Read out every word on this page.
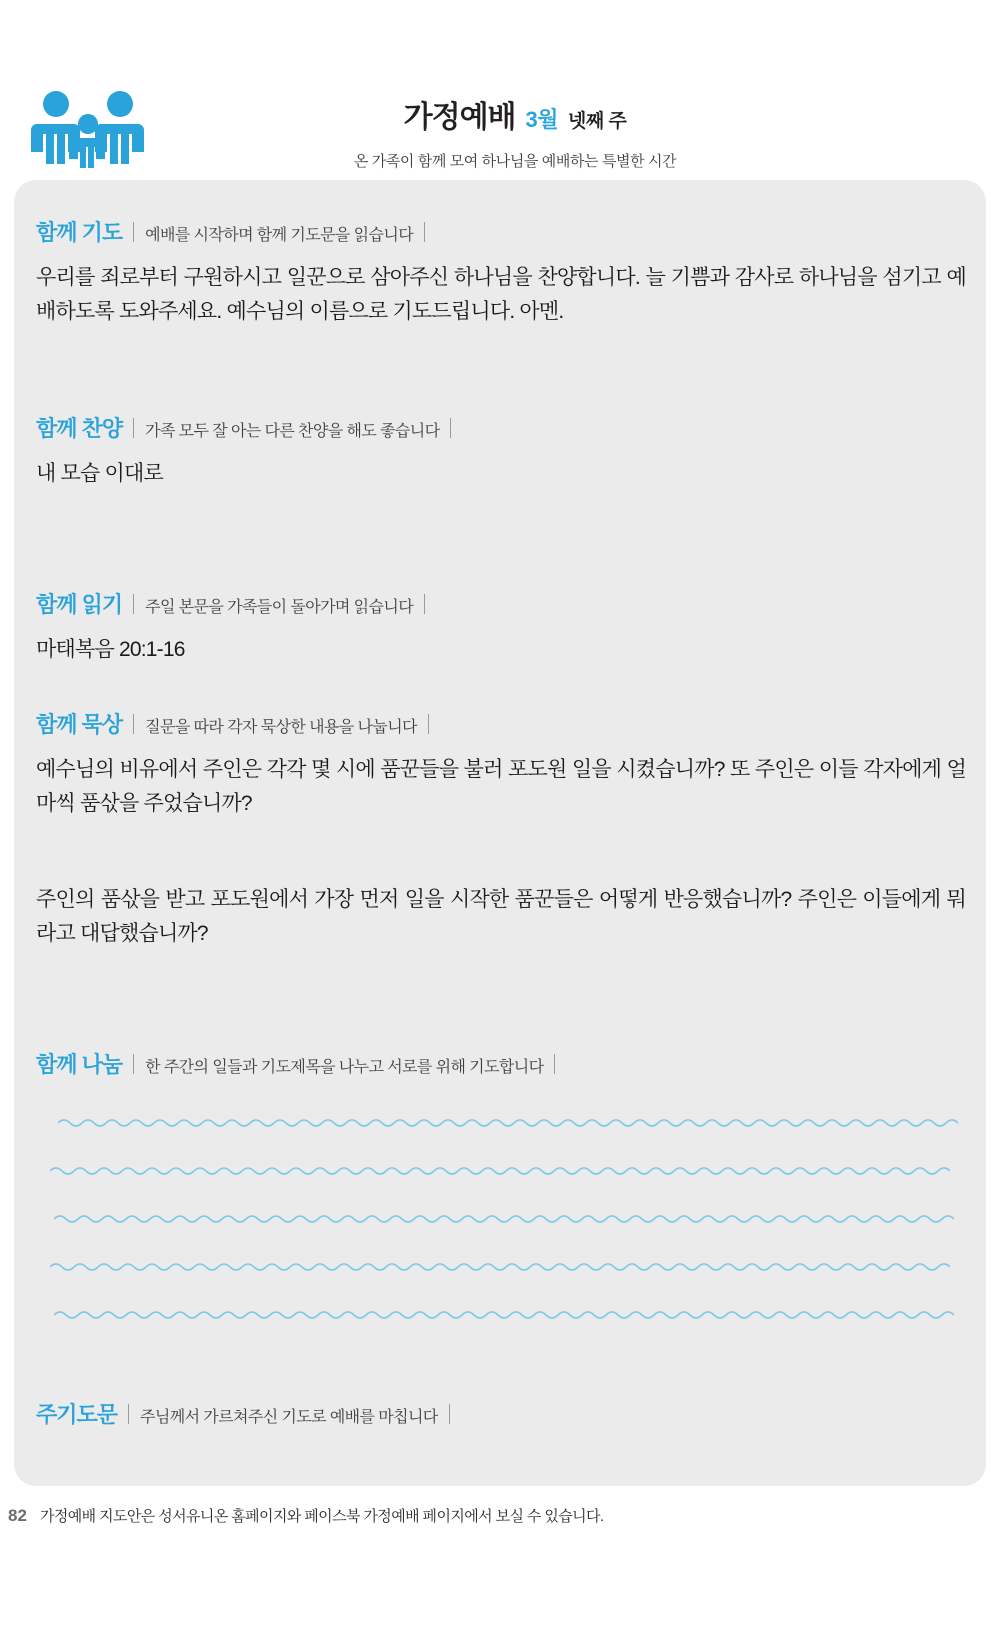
가정예배 3월 넷째 주
온 가족이 함께 모여 하나님을 예배하는 특별한 시간
함께 기도 예배를 시작하며 함께 기도문을 읽습니다
우리를 죄로부터 구원하시고 일꾼으로 삼아주신 하나님을 찬양합니다. 늘 기쁨과 감사로 하나님을 섬기고 예배하도록 도와주세요. 예수님의 이름으로 기도드립니다. 아멘.
함께 찬양 가족 모두 잘 아는 다른 찬양을 해도 좋습니다
내 모습 이대로
함께 읽기 주일 본문을 가족들이 돌아가며 읽습니다
마태복음 20:1-16
함께 묵상 질문을 따라 각자 묵상한 내용을 나눕니다
예수님의 비유에서 주인은 각각 몇 시에 품꾼들을 불러 포도원 일을 시켰습니까? 또 주인은 이들 각자에게 얼마씩 품삯을 주었습니까?
주인의 품삯을 받고 포도원에서 가장 먼저 일을 시작한 품꾼들은 어떻게 반응했습니까? 주인은 이들에게 뭐라고 대답했습니까?
함께 나눔 한 주간의 일들과 기도제목을 나누고 서로를 위해 기도합니다
주기도문 주님께서 가르쳐주신 기도로 예배를 마칩니다
82 가정예배 지도안은 성서유니온 홈페이지와 페이스북 가정예배 페이지에서 보실 수 있습니다.
